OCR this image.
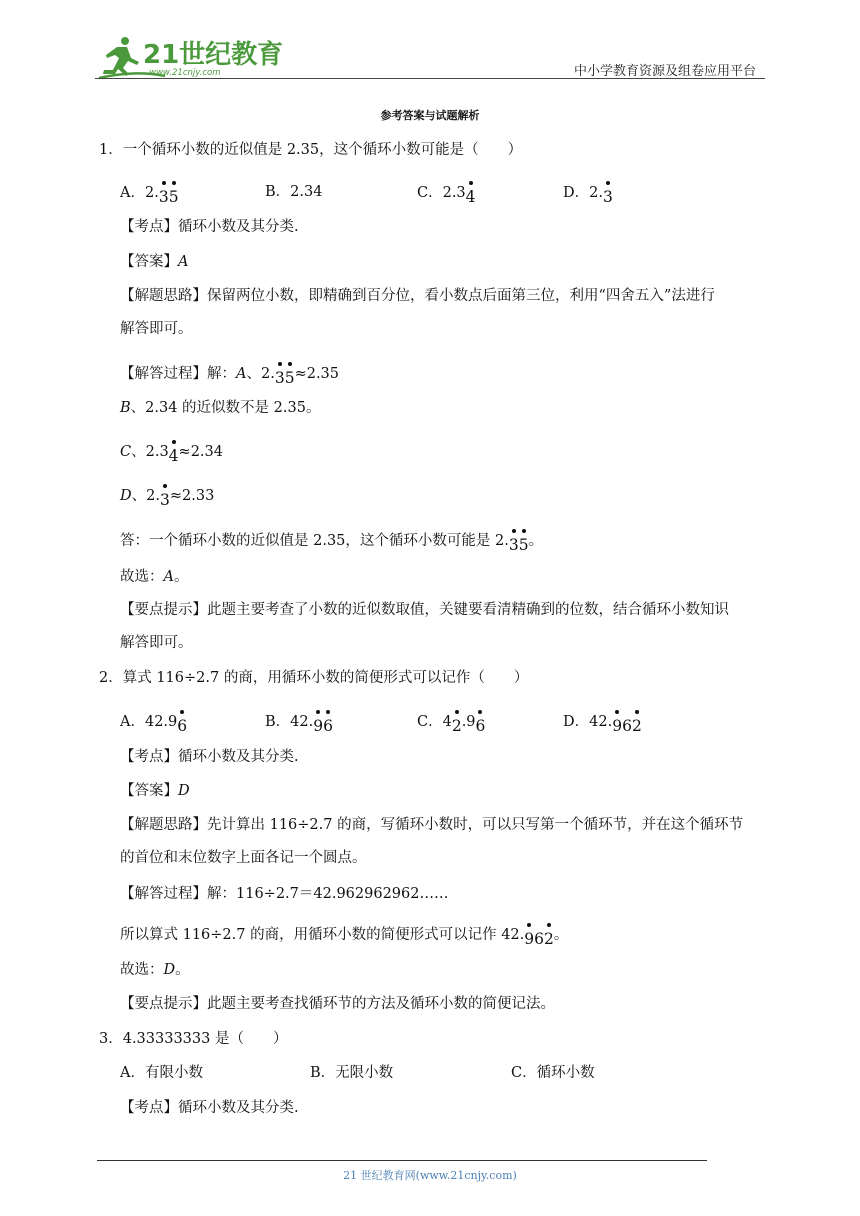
21世纪教育
www.21cnjy.com	中小学教育资源及组卷应用平台
参考答案与试题解析
1．一个循环小数的近似值是 2.35，这个循环小数可能是（　　）
A．2.
3
5	B．2.34	C．2.3
4	D．2.
3
【考点】循环小数及其分类.
【答案】A
【解题思路】保留两位小数，即精确到百分位，看小数点后面第三位，利用“四舍五入”法进行
解答即可。
【解答过程】解：A、2.
3
5≈2.35
B、2.34 的近似数不是 2.35。
C、2.3
4≈2.34
D、2.
3≈2.33
答：一个循环小数的近似值是 2.35，这个循环小数可能是 2.
3
5。
故选：A。
【要点提示】此题主要考查了小数的近似数取值，关键要看清精确到的位数，结合循环小数知识
解答即可。
2．算式 116÷2.7 的商，用循环小数的简便形式可以记作（　　）
A．42.9
6	B．42.
9
6	C．4
2.9
6	D．42.
96
2
【考点】循环小数及其分类.
【答案】D
【解题思路】先计算出 116÷2.7 的商，写循环小数时，可以只写第一个循环节，并在这个循环节
的首位和末位数字上面各记一个圆点。
【解答过程】解：116÷2.7＝42.962962962……
所以算式 116÷2.7 的商，用循环小数的简便形式可以记作 42.
96
2。
故选：D。
【要点提示】此题主要考查找循环节的方法及循环小数的简便记法。
3．4.33333333 是（　　）
A．有限小数	B．无限小数	C．循环小数
【考点】循环小数及其分类.
21 世纪教育网(www.21cnjy.com)
